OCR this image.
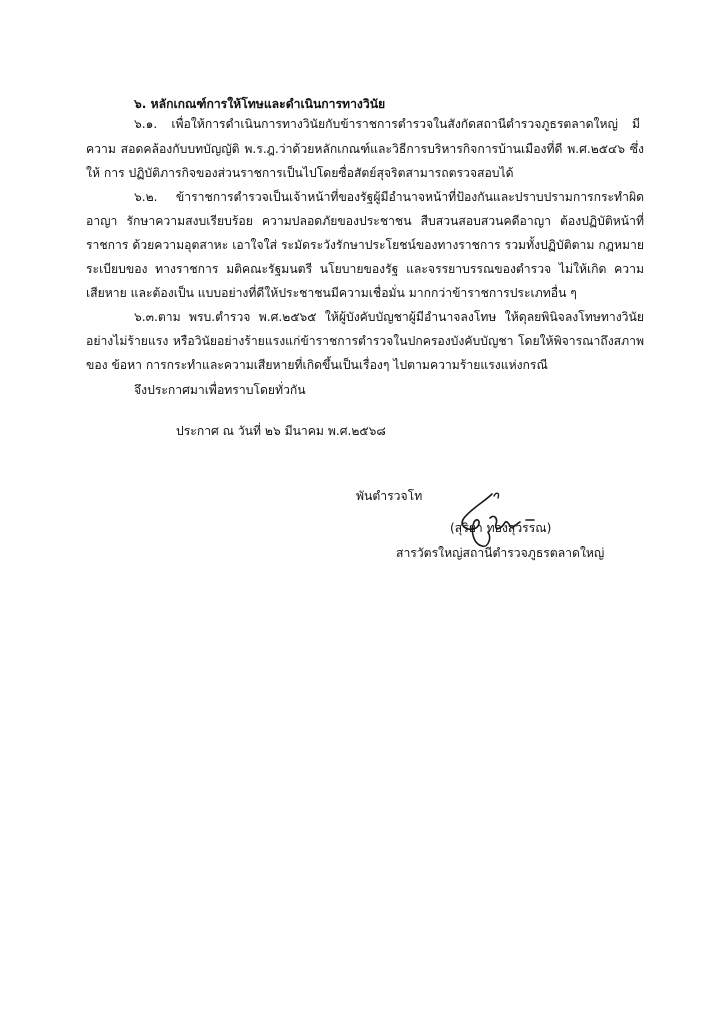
๖. หลักเกณฑ์การให้โทษและดำเนินการทางวินัย
๖.๑. เพื่อให้การดำเนินการทางวินัยกับข้าราชการตำรวจในสังกัดสถานีตำรวจภูธรตลาดใหญ่ มี
ความ สอดคล้องกับบทบัญญัติ พ.ร.ฎ.ว่าด้วยหลักเกณฑ์และวิธีการบริหารกิจการบ้านเมืองที่ดี พ.ศ.๒๕๔๖ ซึ่ง
ให้ การ ปฏิบัติภารกิจของส่วนราชการเป็นไปโดยซื่อสัตย์สุจริตสามารถตรวจสอบได้
๖.๒. ข้าราชการตำรวจเป็นเจ้าหน้าที่ของรัฐผู้มีอำนาจหน้าที่ป้องกันและปราบปรามการกระทำผิด
อาญา รักษาความสงบเรียบร้อย ความปลอดภัยของประชาชน สืบสวนสอบสวนคดีอาญา ต้องปฏิบัติหน้าที่
ราชการ ด้วยความอุตสาหะ เอาใจใส่ ระมัดระวังรักษาประโยชน์ของทางราชการ รวมทั้งปฏิบัติตาม กฎหมาย
ระเบียบของ ทางราชการ มติคณะรัฐมนตรี นโยบายของรัฐ และจรรยาบรรณของตำรวจ ไม่ให้เกิด ความ
เสียหาย และต้องเป็น แบบอย่างที่ดีให้ประชาชนมีความเชื่อมั่น มากกว่าข้าราชการประเภทอื่น ๆ
๖.๓.ตาม พรบ.ตำรวจ พ.ศ.๒๕๖๕ ให้ผู้บังคับบัญชาผู้มีอำนาจลงโทษ ให้ดุลยพินิจลงโทษทางวินัย
อย่างไม่ร้ายแรง หรือวินัยอย่างร้ายแรงแก่ข้าราชการตำรวจในปกครองบังคับบัญชา โดยให้พิจารณาถึงสภาพ
ของ ข้อหา การกระทำและความเสียหายที่เกิดขึ้นเป็นเรื่องๆ ไปตามความร้ายแรงแห่งกรณี
จึงประกาศมาเพื่อทราบโดยทั่วกัน
ประกาศ ณ วันที่ ๒๖ มีนาคม พ.ศ.๒๕๖๘
พันตำรวจโท
(สุริยา ทองสุวรรณ)
สารวัตรใหญ่สถานีตำรวจภูธรตลาดใหญ่
